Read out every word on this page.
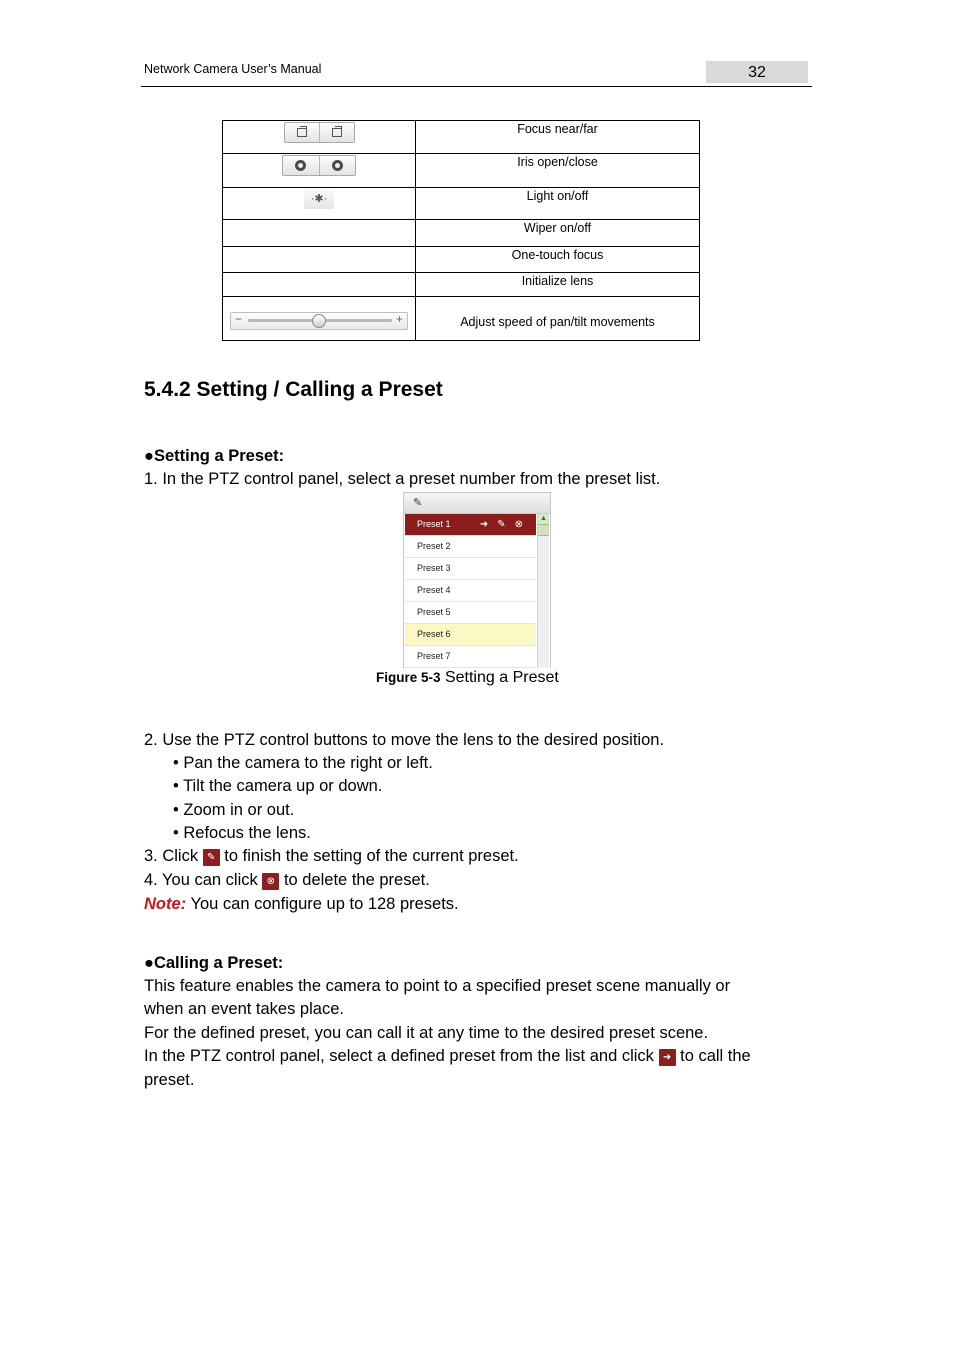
Network Camera User’s Manual	32
	Focus near/far

	Iris open/close

·✱·	Light on/off
	Wiper on/off
	One-touch focus
	Initialize lens

− +	Adjust speed of pan/tilt movements
5.4.2 Setting / Calling a Preset
●Setting a Preset:
1. In the PTZ control panel, select a preset number from the preset list.
✎
Preset 1	➜✎⊗
Preset 2
Preset 3
Preset 4
Preset 5
Preset 6
Preset 7
▲
Figure 5-3 Setting a Preset
2. Use the PTZ control buttons to move the lens to the desired position.
• Pan the camera to the right or left.
• Tilt the camera up or down.
• Zoom in or out.
• Refocus the lens.
3. Click ✎ to finish the setting of the current preset.
4. You can click ⊗ to delete the preset.
Note: You can configure up to 128 presets.
●Calling a Preset:
This feature enables the camera to point to a specified preset scene manually or
when an event takes place.
For the defined preset, you can call it at any time to the desired preset scene.
In the PTZ control panel, select a defined preset from the list and click ➜ to call the
preset.
